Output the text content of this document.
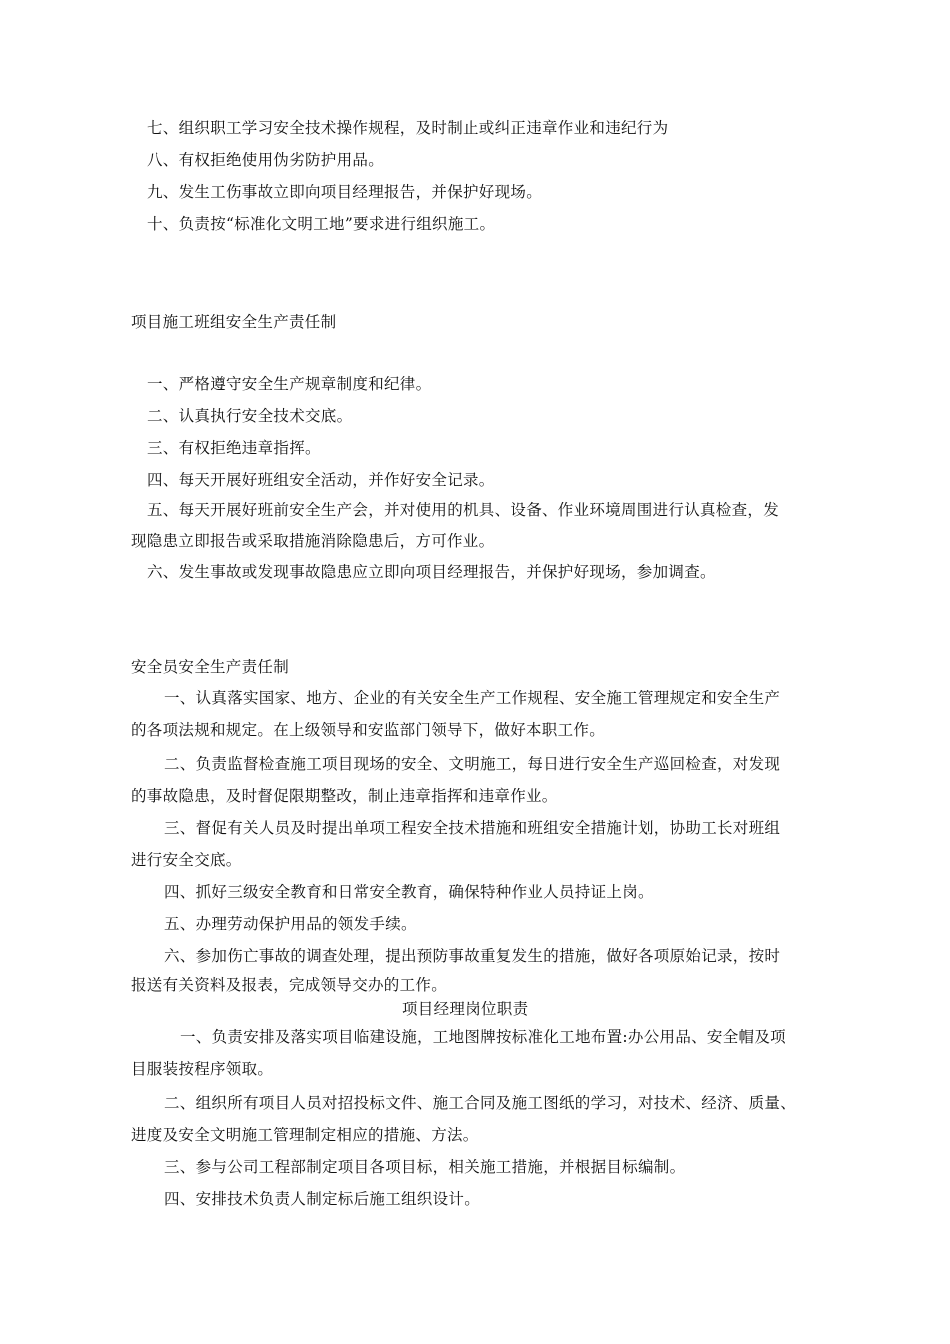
七、组织职工学习安全技术操作规程，及时制止或纠正违章作业和违纪行为
八、有权拒绝使用伪劣防护用品。
九、发生工伤事故立即向项目经理报告，并保护好现场。
十、负责按“标准化文明工地”要求进行组织施工。
项目施工班组安全生产责任制
一、严格遵守安全生产规章制度和纪律。
二、认真执行安全技术交底。
三、有权拒绝违章指挥。
四、每天开展好班组安全活动，并作好安全记录。
五、每天开展好班前安全生产会，并对使用的机具、设备、作业环境周围进行认真检查，发
现隐患立即报告或采取措施消除隐患后，方可作业。
六、发生事故或发现事故隐患应立即向项目经理报告，并保护好现场，参加调查。
安全员安全生产责任制
一、认真落实国家、地方、企业的有关安全生产工作规程、安全施工管理规定和安全生产
的各项法规和规定。在上级领导和安监部门领导下，做好本职工作。
二、负责监督检查施工项目现场的安全、文明施工，每日进行安全生产巡回检查，对发现
的事故隐患，及时督促限期整改，制止违章指挥和违章作业。
三、督促有关人员及时提出单项工程安全技术措施和班组安全措施计划，协助工长对班组
进行安全交底。
四、抓好三级安全教育和日常安全教育，确保特种作业人员持证上岗。
五、办理劳动保护用品的领发手续。
六、参加伤亡事故的调查处理，提出预防事故重复发生的措施，做好各项原始记录，按时
报送有关资料及报表，完成领导交办的工作。
项目经理岗位职责
一、负责安排及落实项目临建设施，工地图牌按标准化工地布置:办公用品、安全帽及项
目服装按程序领取。
二、组织所有项目人员对招投标文件、施工合同及施工图纸的学习，对技术、经济、质量、
进度及安全文明施工管理制定相应的措施、方法。
三、参与公司工程部制定项目各项目标，相关施工措施，并根据目标编制。
四、安排技术负责人制定标后施工组织设计。
